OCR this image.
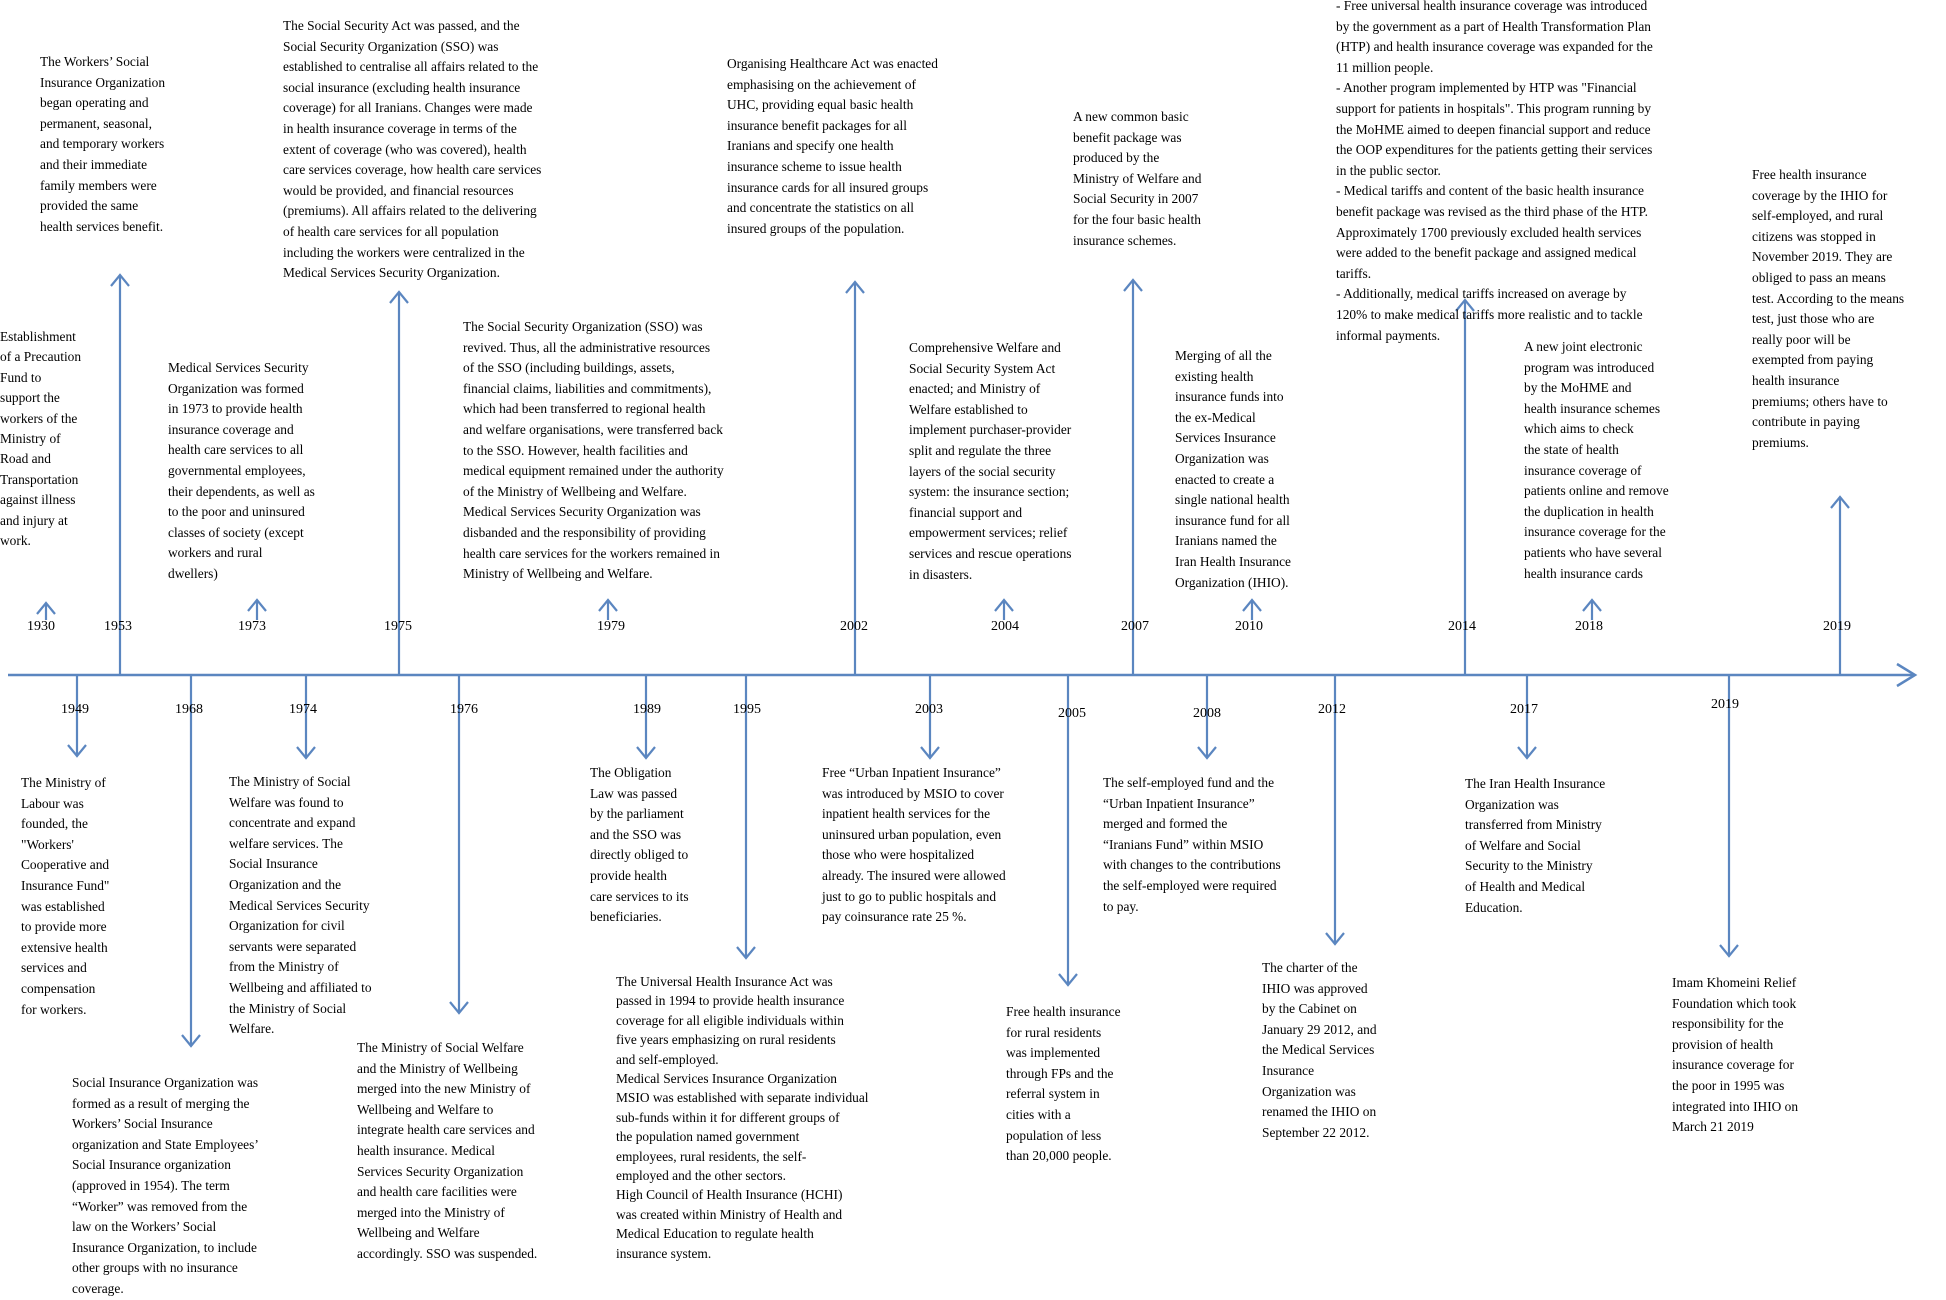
1930
Establishment
of a Precaution
Fund to
support the
workers of the
Ministry of
Road and
Transportation
against illness
and injury at
work.
1953
The Workers’ Social
Insurance Organization
began operating and
permanent, seasonal,
and temporary workers
and their immediate
family members were
provided the same
health services benefit.
1973
Medical Services Security
Organization was formed
in 1973 to provide health
insurance coverage and
health care services to all
governmental employees,
their dependents, as well as
to the poor and uninsured
classes of society (except
workers and rural
dwellers)
1975
The Social Security Act was passed, and the
Social Security Organization (SSO) was
established to centralise all affairs related to the
social insurance (excluding health insurance
coverage) for all Iranians. Changes were made
in health insurance coverage in terms of the
extent of coverage (who was covered), health
care services coverage, how health care services
would be provided, and financial resources
(premiums). All affairs related to the delivering
of health care services for all population
including the workers were centralized in the
Medical Services Security Organization.
1979
The Social Security Organization (SSO) was
revived. Thus, all the administrative resources
of the SSO (including buildings, assets,
financial claims, liabilities and commitments),
which had been transferred to regional health
and welfare organisations, were transferred back
to the SSO. However, health facilities and
medical equipment remained under the authority
of the Ministry of Wellbeing and Welfare.
Medical Services Security Organization was
disbanded and the responsibility of providing
health care services for the workers remained in
Ministry of Wellbeing and Welfare.
2002
Organising Healthcare Act was enacted
emphasising on the achievement of
UHC, providing equal basic health
insurance benefit packages for all
Iranians and specify one health
insurance scheme to issue health
insurance cards for all insured groups
and concentrate the statistics on all
insured groups of the population.
2004
Comprehensive Welfare and
Social Security System Act
enacted; and Ministry of
Welfare established to
implement purchaser-provider
split and regulate the three
layers of the social security
system: the insurance section;
financial support and
empowerment services; relief
services and rescue operations
in disasters.
2007
A new common basic
benefit package was
produced by the
Ministry of Welfare and
Social Security in 2007
for the four basic health
insurance schemes.
2010
Merging of all the
existing health
insurance funds into
the ex-Medical
Services Insurance
Organization was
enacted to create a
single national health
insurance fund for all
Iranians named the
Iran Health Insurance
Organization (IHIO).
2014
- Free universal health insurance coverage was introduced
by the government as a part of Health Transformation Plan
(HTP) and health insurance coverage was expanded for the
11 million people.
- Another program implemented by HTP was "Financial
support for patients in hospitals". This program running by
the MoHME aimed to deepen financial support and reduce
the OOP expenditures for the patients getting their services
in the public sector.
- Medical tariffs and content of the basic health insurance
benefit package was revised as the third phase of the HTP.
Approximately 1700 previously excluded health services
were added to the benefit package and assigned medical
tariffs.
- Additionally, medical tariffs increased on average by
120% to make medical tariffs more realistic and to tackle
informal payments.
2018
A new joint electronic
program was introduced
by the MoHME and
health insurance schemes
which aims to check
the state of health
insurance coverage of
patients online and remove
the duplication in health
insurance coverage for the
patients who have several
health insurance cards
2019
Free health insurance
coverage by the IHIO for
self-employed, and rural
citizens was stopped in
November 2019. They are
obliged to pass an means
test. According to the means
test, just those who are
really poor will be
exempted from paying
health insurance
premiums; others have to
contribute in paying
premiums.
1949
The Ministry of
Labour was
founded, the
"Workers'
Cooperative and
Insurance Fund"
was established
to provide more
extensive health
services and
compensation
for workers.
1968
Social Insurance Organization was
formed as a result of merging the
Workers’ Social Insurance
organization and State Employees’
Social Insurance organization
(approved in 1954). The term
“Worker” was removed from the
law on the Workers’ Social
Insurance Organization, to include
other groups with no insurance
coverage.
1974
The Ministry of Social
Welfare was found to
concentrate and expand
welfare services. The
Social Insurance
Organization and the
Medical Services Security
Organization for civil
servants were separated
from the Ministry of
Wellbeing and affiliated to
the Ministry of Social
Welfare.
1976
The Ministry of Social Welfare
and the Ministry of Wellbeing
merged into the new Ministry of
Wellbeing and Welfare to
integrate health care services and
health insurance. Medical
Services Security Organization
and health care facilities were
merged into the Ministry of
Wellbeing and Welfare
accordingly. SSO was suspended.
1989
The Obligation
Law was passed
by the parliament
and the SSO was
directly obliged to
provide health
care services to its
beneficiaries.
1995
The Universal Health Insurance Act was
passed in 1994 to provide health insurance
coverage for all eligible individuals within
five years emphasizing on rural residents
and self-employed.
Medical Services Insurance Organization
MSIO was established with separate individual
sub-funds within it for different groups of
the population named government
employees, rural residents, the self-
employed and the other sectors.
High Council of Health Insurance (HCHI)
was created within Ministry of Health and
Medical Education to regulate health
insurance system.
2003
Free “Urban Inpatient Insurance”
was introduced by MSIO to cover
inpatient health services for the
uninsured urban population, even
those who were hospitalized
already. The insured were allowed
just to go to public hospitals and
pay coinsurance rate 25 %.
2005
Free health insurance
for rural residents
was implemented
through FPs and the
referral system in
cities with a
population of less
than 20,000 people.
2008
The self-employed fund and the
“Urban Inpatient Insurance”
merged and formed the
“Iranians Fund” within MSIO
with changes to the contributions
the self-employed were required
to pay.
2012
The charter of the
IHIO was approved
by the Cabinet on
January 29 2012, and
the Medical Services
Insurance
Organization was
renamed the IHIO on
September 22 2012.
2017
The Iran Health Insurance
Organization was
transferred from Ministry
of Welfare and Social
Security to the Ministry
of Health and Medical
Education.
2019
Imam Khomeini Relief
Foundation which took
responsibility for the
provision of health
insurance coverage for
the poor in 1995 was
integrated into IHIO on
March 21 2019
